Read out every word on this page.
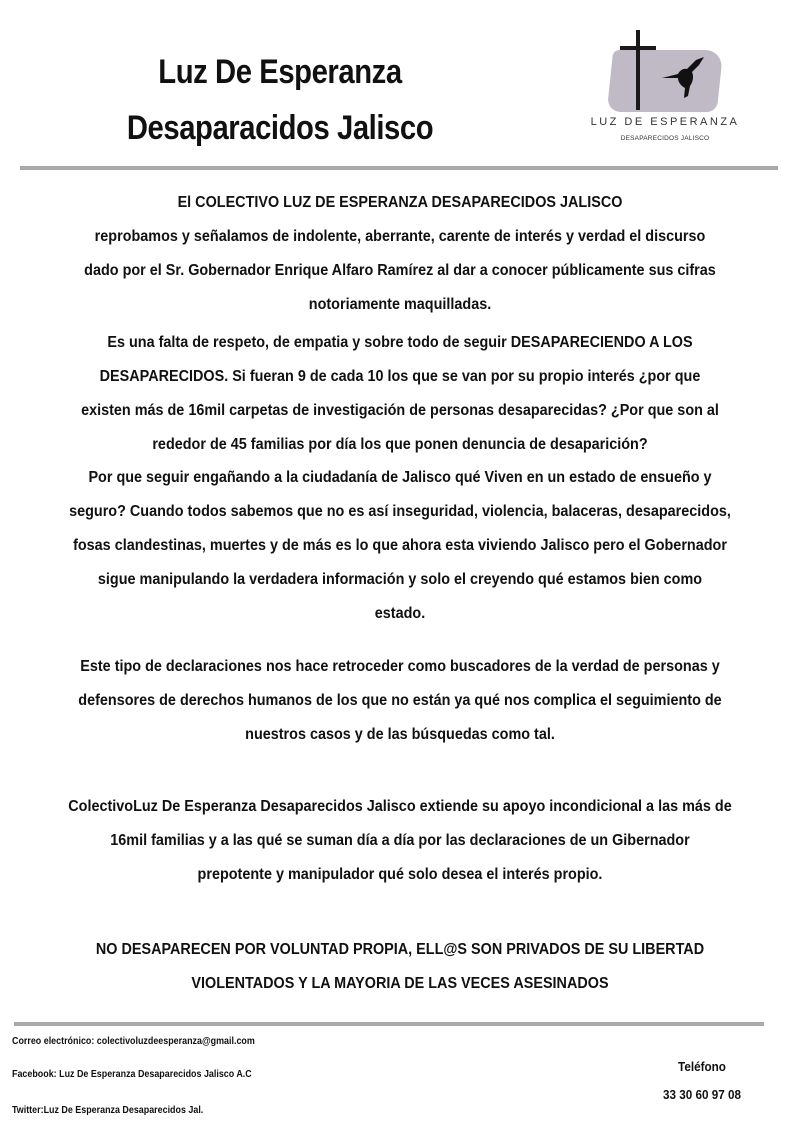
Luz De Esperanza
Desaparacidos Jalisco	LUZ DE ESPERANZA
DESAPARECIDOS JALISCO
El COLECTIVO LUZ DE ESPERANZA DESAPARECIDOS JALISCO
reprobamos y señalamos de indolente, aberrante, carente de interés y verdad el discurso
dado por el Sr. Gobernador Enrique Alfaro Ramírez al dar a conocer públicamente sus cifras
notoriamente maquilladas.
Es una falta de respeto, de empatia y sobre todo de seguir DESAPARECIENDO A LOS
DESAPARECIDOS. Si fueran 9 de cada 10 los que se van por su propio interés ¿por que
existen más de 16mil carpetas de investigación de personas desaparecidas? ¿Por que son al
rededor de 45 familias por día los que ponen denuncia de desaparición?
Por que seguir engañando a la ciudadanía de Jalisco qué Viven en un estado de ensueño y
seguro? Cuando todos sabemos que no es así inseguridad, violencia, balaceras, desaparecidos,
fosas clandestinas, muertes y de más es lo que ahora esta viviendo Jalisco pero el Gobernador
sigue manipulando la verdadera información y solo el creyendo qué estamos bien como
estado.
Este tipo de declaraciones nos hace retroceder como buscadores de la verdad de personas y
defensores de derechos humanos de los que no están ya qué nos complica el seguimiento de
nuestros casos y de las búsquedas como tal.
ColectivoLuz De Esperanza Desaparecidos Jalisco extiende su apoyo incondicional a las más de
16mil familias y a las qué se suman día a día por las declaraciones de un Gibernador
prepotente y manipulador qué solo desea el interés propio.
NO DESAPARECEN POR VOLUNTAD PROPIA, ELL@S SON PRIVADOS DE SU LIBERTAD
VIOLENTADOS Y LA MAYORIA DE LAS VECES ASESINADOS
Correo electrónico: colectivoluzdeesperanza@gmail.com
Facebook: Luz De Esperanza Desaparecidos Jalisco A.C
Twitter:Luz De Esperanza Desaparecidos Jal.
Teléfono
33 30 60 97 08
